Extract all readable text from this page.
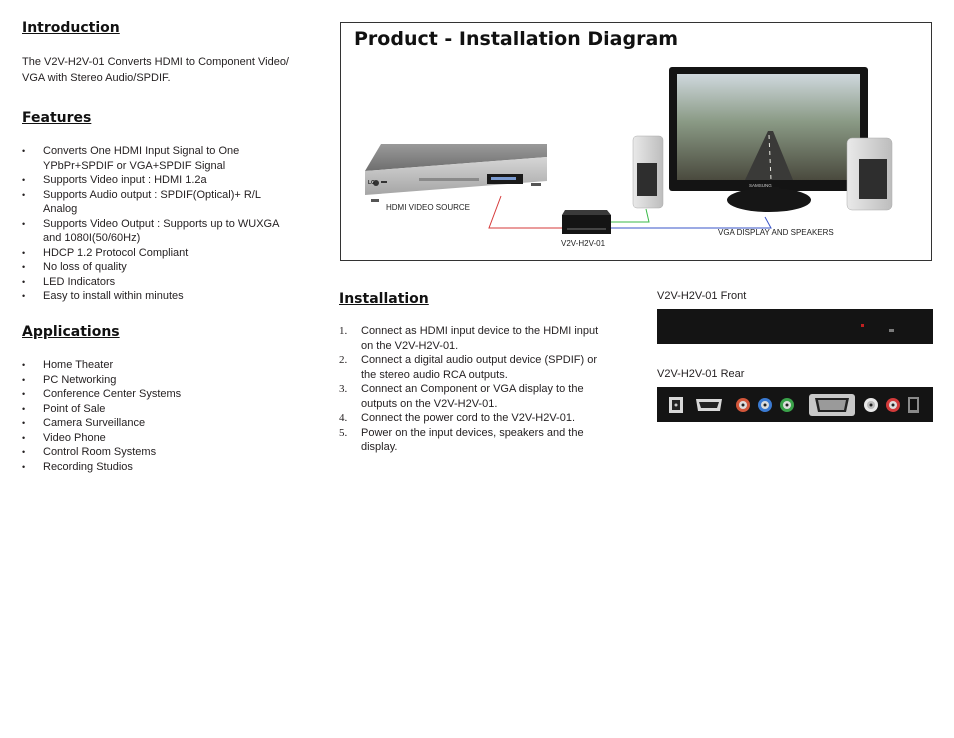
Introduction
The V2V-H2V-01 Converts HDMI to Component Video/ VGA with Stereo Audio/SPDIF.
Features
• Converts One HDMI Input Signal to One YPbPr+SPDIF or VGA+SPDIF Signal
• Supports Video input : HDMI 1.2a
• Supports Audio output : SPDIF(Optical)+ R/L Analog
• Supports Video Output : Supports up to WUXGA and 1080I(50/60Hz)
• HDCP 1.2 Protocol Compliant
• No loss of quality
• LED Indicators
• Easy to install within minutes
Applications
• Home Theater
• PC Networking
• Conference Center Systems
• Point of Sale
• Camera Surveillance
• Video Phone
• Control Room Systems
• Recording Studios
Product - Installation Diagram
LG	SAMSUNG
HDMI VIDEO SOURCE
V2V-H2V-01
VGA DISPLAY AND SPEAKERS
Installation
1. Connect as HDMI input device to the HDMI input on the V2V-H2V-01.
2. Connect a digital audio output device (SPDIF) or the stereo audio RCA outputs.
3. Connect an Component or VGA display to the outputs on the V2V-H2V-01.
4. Connect the power cord to the V2V-H2V-01.
5. Power on the input devices, speakers and the display.
V2V-H2V-01 Front
V2V-H2V-01 Rear
